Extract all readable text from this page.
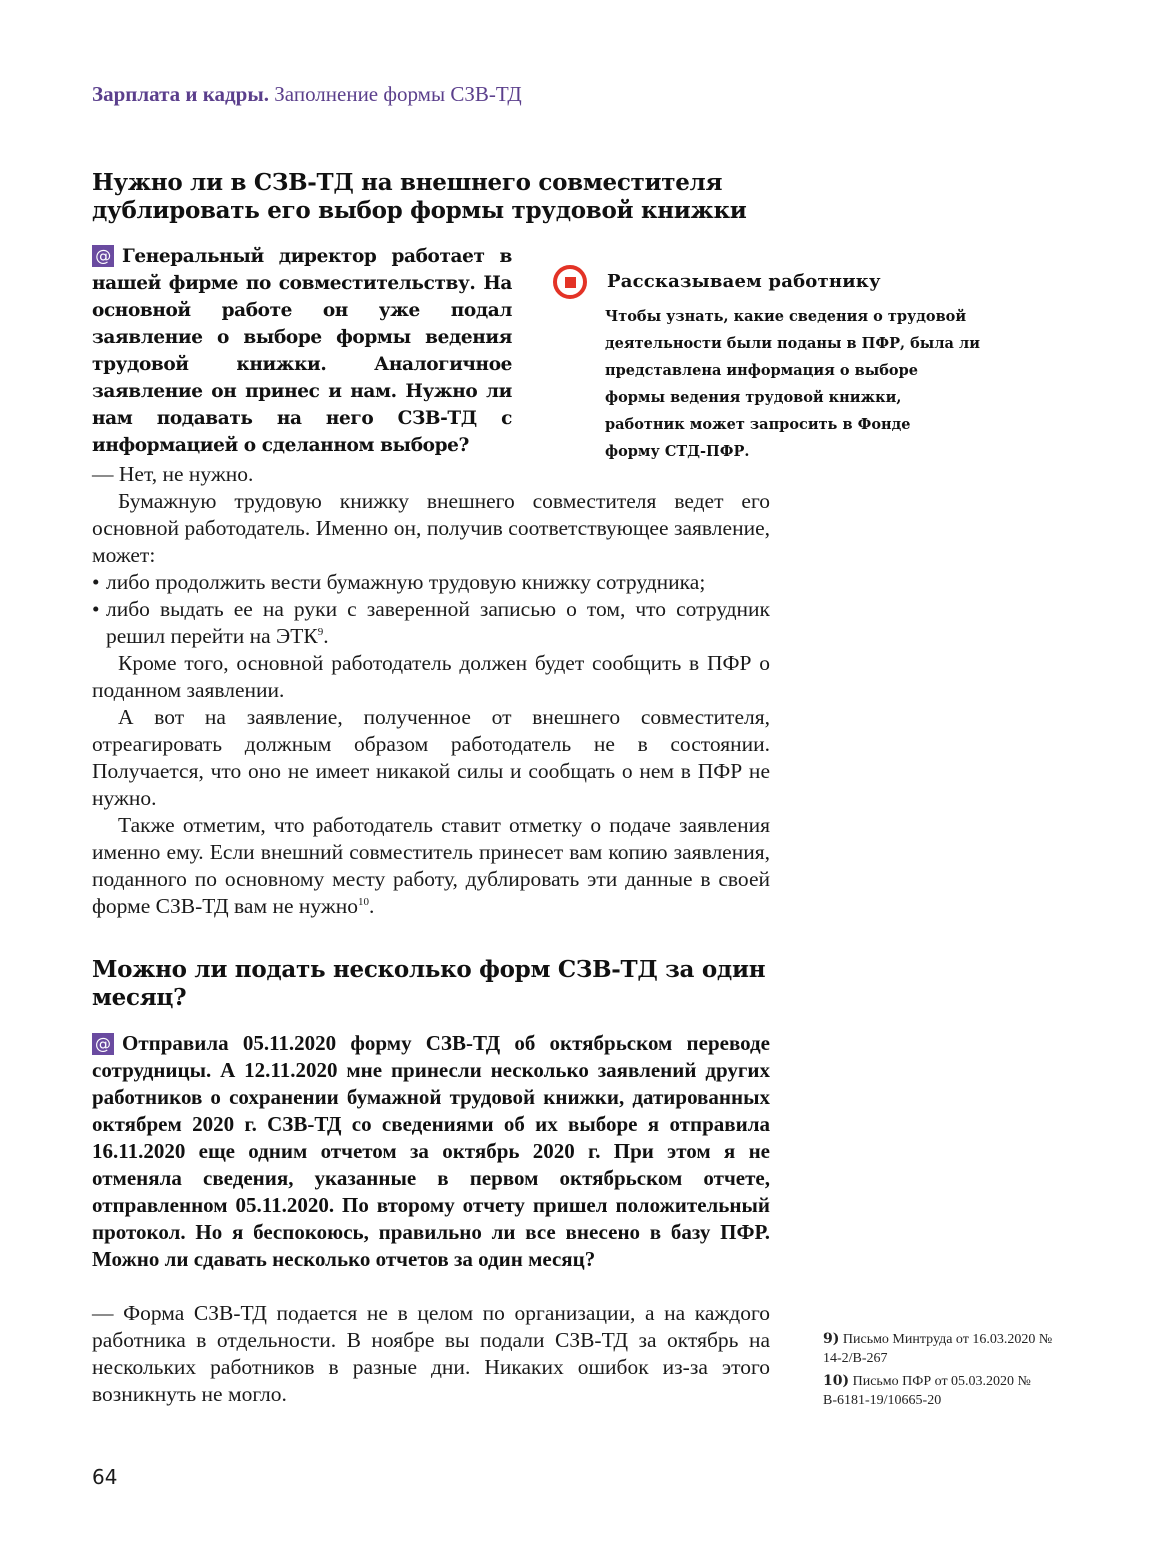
Зарплата и кадры. Заполнение формы СЗВ-ТД
Нужно ли в СЗВ-ТД на внешнего совместителя дублировать его выбор формы трудовой книжки
@ Генеральный директор работает в нашей фирме по совместительству. На основной работе он уже подал заявление о выборе формы ведения трудовой книжки. Аналогичное заявление он принес и нам. Нужно ли нам подавать на него СЗВ-ТД с информацией о сделанном выборе?
Рассказываем работнику
Чтобы узнать, какие сведения о трудовой
деятельности были поданы в ПФР, была ли
представлена информация о выборе
формы ведения трудовой книжки,
работник может запросить в Фонде
форму СТД-ПФР.

— Нет, не нужно.

Бумажную трудовую книжку внешнего совместителя ведет его основной работодатель. Именно он, получив соответствующее заявление, может:

• либо продолжить вести бумажную трудовую книжку сотрудника;

• либо выдать ее на руки с заверенной записью о том, что сотрудник решил перейти на ЭТК$^9$.

Кроме того, основной работодатель должен будет сообщить в ПФР о поданном заявлении.

А вот на заявление, полученное от внешнего совместителя, отреагировать должным образом работодатель не в состоянии. Получается, что оно не имеет никакой силы и сообщать о нем в ПФР не нужно.

Также отметим, что работодатель ставит отметку о подаче заявления именно ему. Если внешний совместитель принесет вам копию заявления, поданного по основному месту работу, дублировать эти данные в своей форме СЗВ-ТД вам не нужно$^{10}$.

Можно ли подать несколько форм СЗВ-ТД за один месяц?
@ Отправила 05.11.2020 форму СЗВ-ТД об октябрьском переводе сотрудницы. А 12.11.2020 мне принесли несколько заявлений других работников о сохранении бумажной трудовой книжки, датированных октябрем 2020 г. СЗВ-ТД со сведениями об их выборе я отправила 16.11.2020 еще одним отчетом за октябрь 2020 г. При этом я не отменяла сведения, указанные в первом октябрьском отчете, отправленном 05.11.2020. По второму отчету пришел положительный протокол. Но я беспокоюсь, правильно ли все внесено в базу ПФР. Можно ли сдавать несколько отчетов за один месяц?

— Форма СЗВ-ТД подается не в целом по организации, а на каждого работника в отдельности. В ноябре вы подали СЗВ-ТД за октябрь на нескольких работников в разные дни. Никаких ошибок из-за этого возникнуть не могло.

9) Письмо Минтруда от 16.03.2020 № 14-2/В-267
10) Письмо ПФР от 05.03.2020 № В-6181-19/10665-20
64
